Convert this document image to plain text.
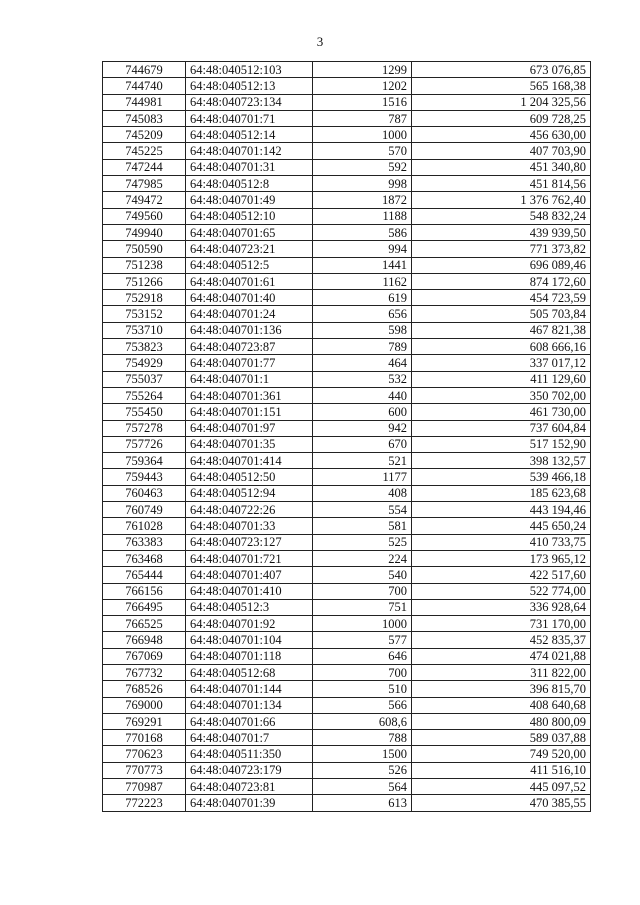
3
744679	64:48:040512:103	1299	673 076,85
744740	64:48:040512:13	1202	565 168,38
744981	64:48:040723:134	1516	1 204 325,56
745083	64:48:040701:71	787	609 728,25
745209	64:48:040512:14	1000	456 630,00
745225	64:48:040701:142	570	407 703,90
747244	64:48:040701:31	592	451 340,80
747985	64:48:040512:8	998	451 814,56
749472	64:48:040701:49	1872	1 376 762,40
749560	64:48:040512:10	1188	548 832,24
749940	64:48:040701:65	586	439 939,50
750590	64:48:040723:21	994	771 373,82
751238	64:48:040512:5	1441	696 089,46
751266	64:48:040701:61	1162	874 172,60
752918	64:48:040701:40	619	454 723,59
753152	64:48:040701:24	656	505 703,84
753710	64:48:040701:136	598	467 821,38
753823	64:48:040723:87	789	608 666,16
754929	64:48:040701:77	464	337 017,12
755037	64:48:040701:1	532	411 129,60
755264	64:48:040701:361	440	350 702,00
755450	64:48:040701:151	600	461 730,00
757278	64:48:040701:97	942	737 604,84
757726	64:48:040701:35	670	517 152,90
759364	64:48:040701:414	521	398 132,57
759443	64:48:040512:50	1177	539 466,18
760463	64:48:040512:94	408	185 623,68
760749	64:48:040722:26	554	443 194,46
761028	64:48:040701:33	581	445 650,24
763383	64:48:040723:127	525	410 733,75
763468	64:48:040701:721	224	173 965,12
765444	64:48:040701:407	540	422 517,60
766156	64:48:040701:410	700	522 774,00
766495	64:48:040512:3	751	336 928,64
766525	64:48:040701:92	1000	731 170,00
766948	64:48:040701:104	577	452 835,37
767069	64:48:040701:118	646	474 021,88
767732	64:48:040512:68	700	311 822,00
768526	64:48:040701:144	510	396 815,70
769000	64:48:040701:134	566	408 640,68
769291	64:48:040701:66	608,6	480 800,09
770168	64:48:040701:7	788	589 037,88
770623	64:48:040511:350	1500	749 520,00
770773	64:48:040723:179	526	411 516,10
770987	64:48:040723:81	564	445 097,52
772223	64:48:040701:39	613	470 385,55
